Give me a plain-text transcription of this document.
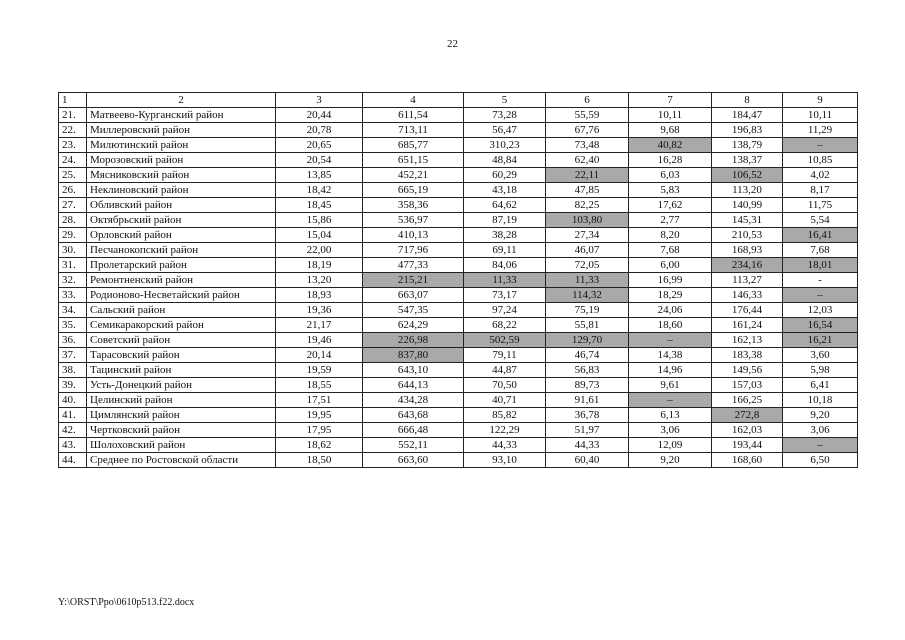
22
1	2	3	4	5	6	7	8	9
21.	Матвеево-Курганский район	20,44	611,54	73,28	55,59	10,11	184,47	10,11
22.	Миллеровский район	20,78	713,11	56,47	67,76	9,68	196,83	11,29
23.	Милютинский район	20,65	685,77	310,23	73,48	40,82	138,79	–
24.	Морозовский район	20,54	651,15	48,84	62,40	16,28	138,37	10,85
25.	Мясниковский район	13,85	452,21	60,29	22,11	6,03	106,52	4,02
26.	Неклиновский район	18,42	665,19	43,18	47,85	5,83	113,20	8,17
27.	Обливский район	18,45	358,36	64,62	82,25	17,62	140,99	11,75
28.	Октябрьский район	15,86	536,97	87,19	103,80	2,77	145,31	5,54
29.	Орловский район	15,04	410,13	38,28	27,34	8,20	210,53	16,41
30.	Песчанокопский район	22,00	717,96	69,11	46,07	7,68	168,93	7,68
31.	Пролетарский район	18,19	477,33	84,06	72,05	6,00	234,16	18,01
32.	Ремонтненский район	13,20	215,21	11,33	11,33	16,99	113,27	-
33.	Родионово-Несветайский район	18,93	663,07	73,17	114,32	18,29	146,33	–
34.	Сальский район	19,36	547,35	97,24	75,19	24,06	176,44	12,03
35.	Семикаракорский район	21,17	624,29	68,22	55,81	18,60	161,24	16,54
36.	Советский район	19,46	226,98	502,59	129,70	–	162,13	16,21
37.	Тарасовский район	20,14	837,80	79,11	46,74	14,38	183,38	3,60
38.	Тацинский район	19,59	643,10	44,87	56,83	14,96	149,56	5,98
39.	Усть-Донецкий район	18,55	644,13	70,50	89,73	9,61	157,03	6,41
40.	Целинский район	17,51	434,28	40,71	91,61	–	166,25	10,18
41.	Цимлянский район	19,95	643,68	85,82	36,78	6,13	272,8	9,20
42.	Чертковский район	17,95	666,48	122,29	51,97	3,06	162,03	3,06
43.	Шолоховский район	18,62	552,11	44,33	44,33	12,09	193,44	–
44.	Среднее по Ростовской области	18,50	663,60	93,10	60,40	9,20	168,60	6,50
Y:\ORST\Ppo\0610p513.f22.docx
